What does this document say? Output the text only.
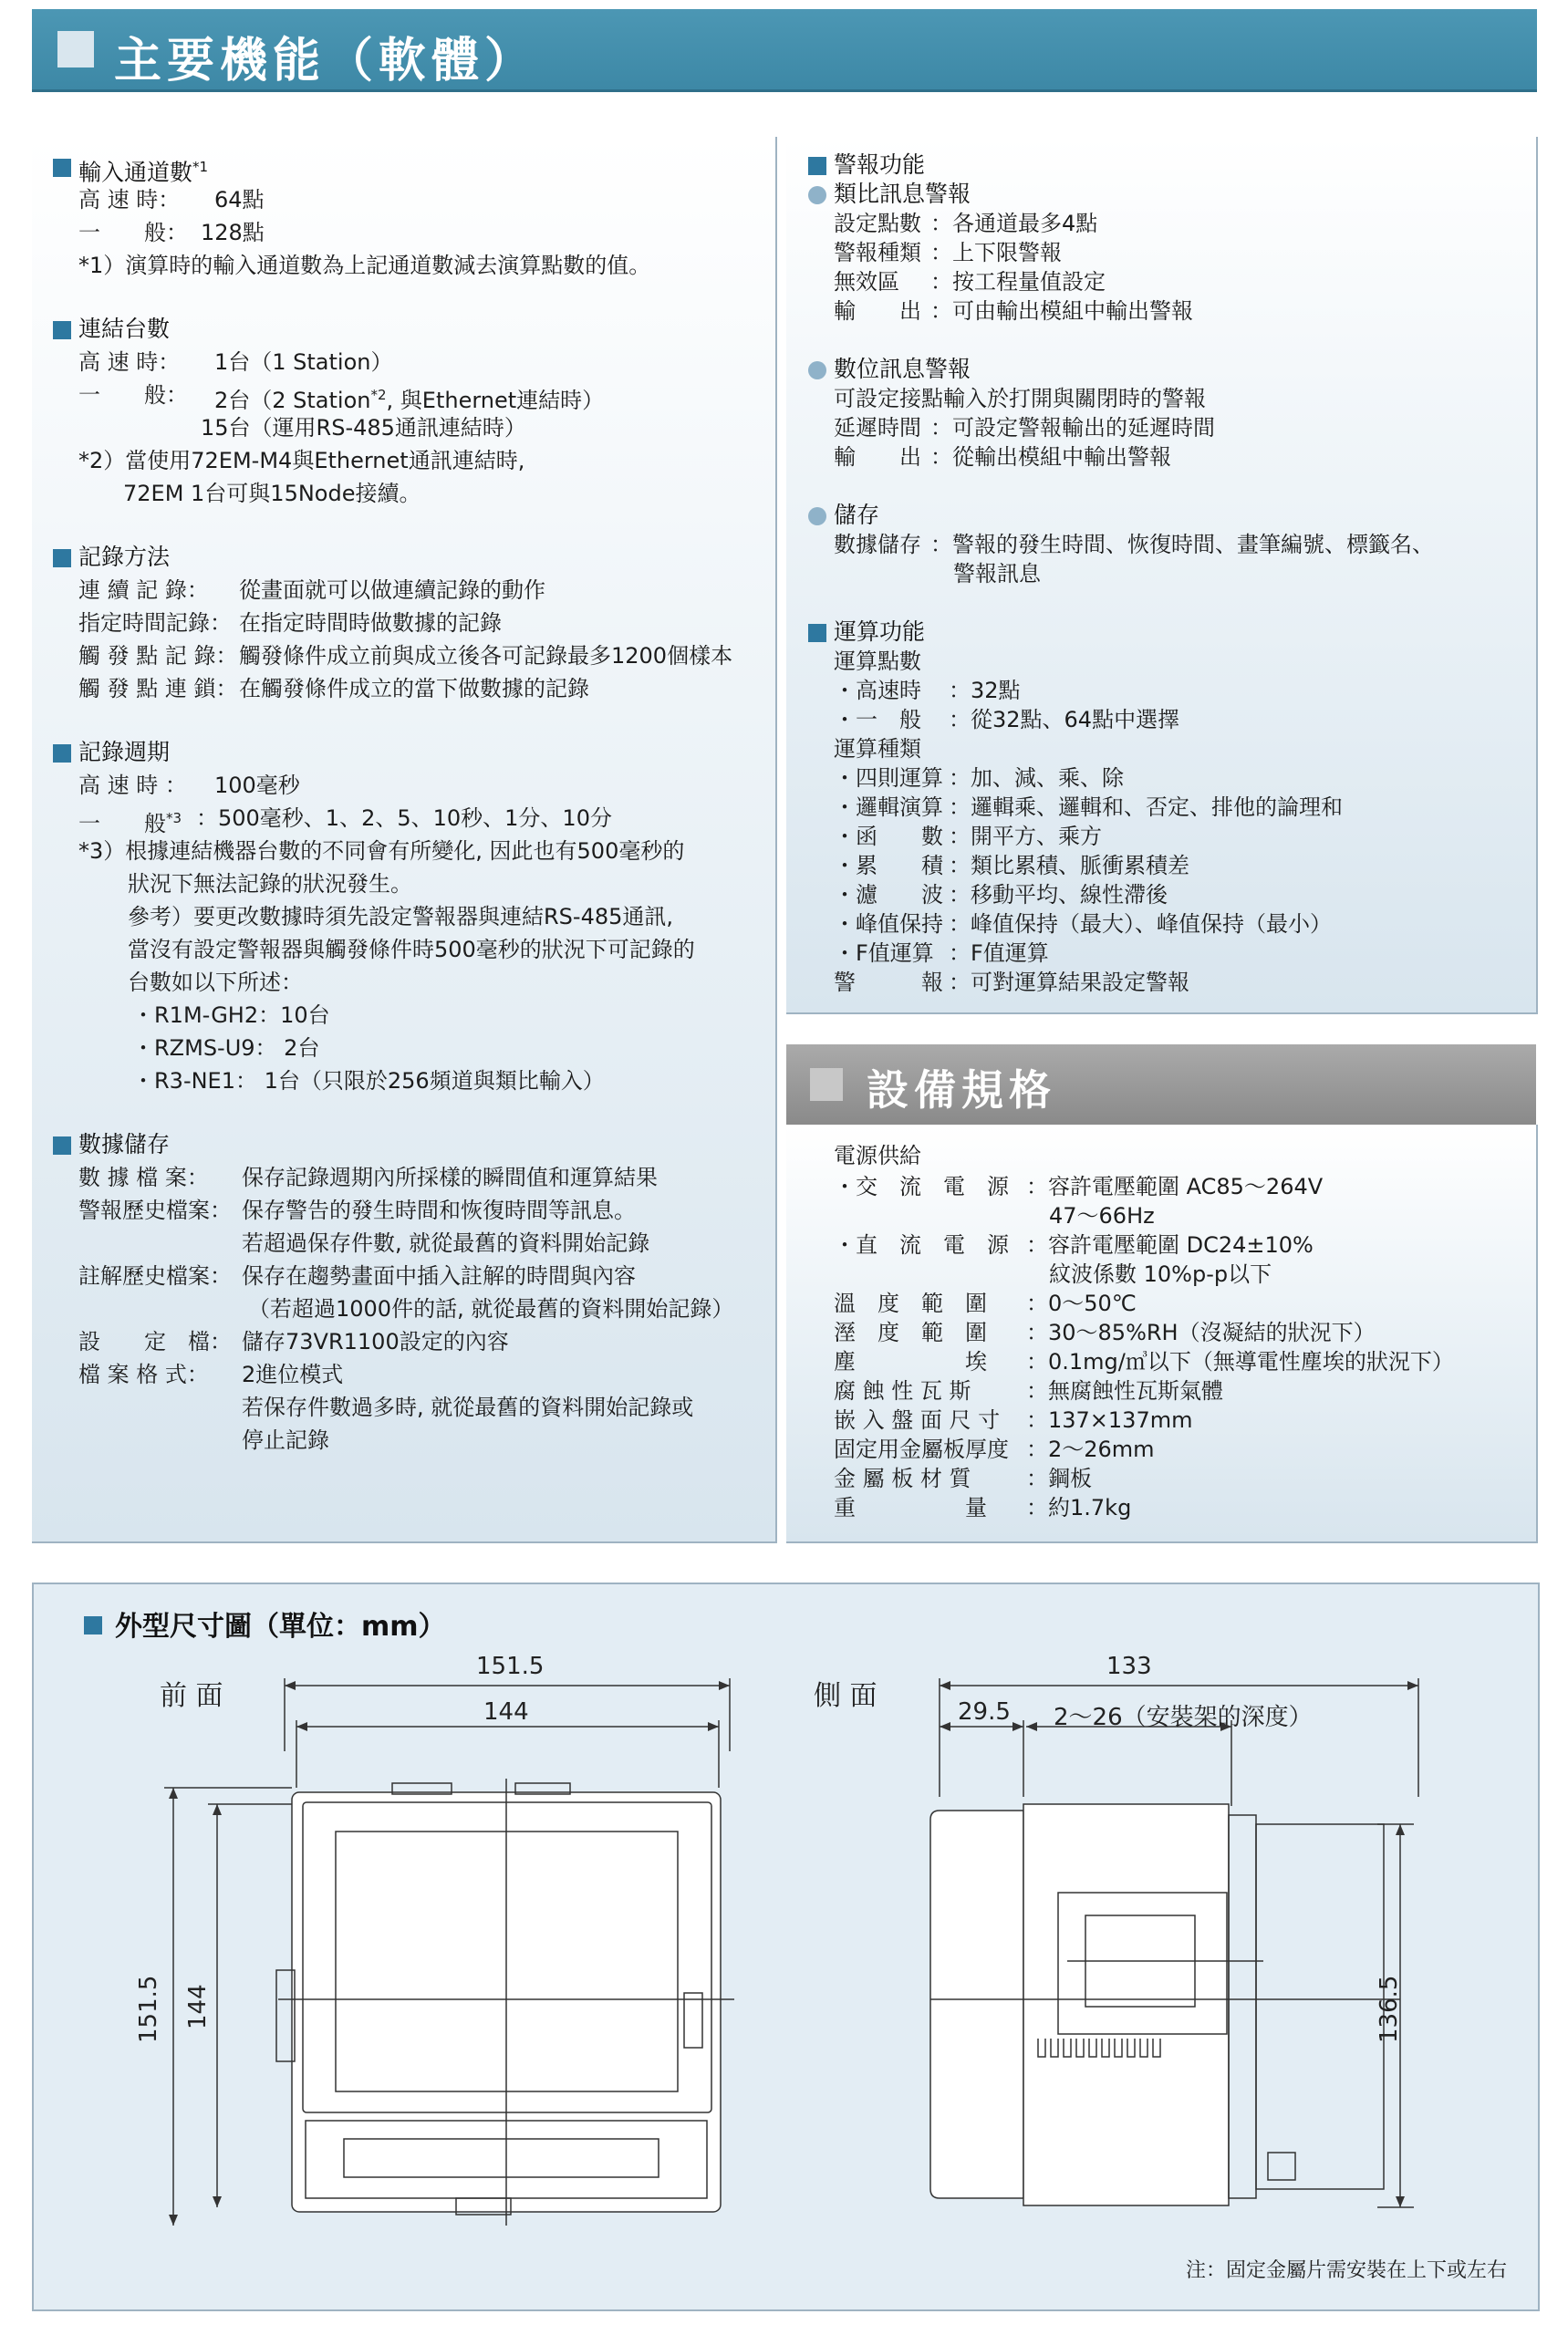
主要機能（軟體）
輸入通道數$^{*1}$
高 速 時： 64點
一　　般： 128點
*1）演算時的輸入通道數為上記通道數減去演算點數的值。
連結台數
高 速 時： 1台（1 Station）
一　　般： 2台（2 Station$^{*2}$, 與Ethernet連結時）
15台（運用RS-485通訊連結時）
*2）當使用72EM-M4與Ethernet通訊連結時,
72EM 1台可與15Node接續。
記錄方法
連 續 記 錄： 從畫面就可以做連續記錄的動作
指定時間記錄： 在指定時間時做數據的記錄
觸 發 點 記 錄： 觸發條件成立前與成立後各可記錄最多1200個樣本
觸 發 點 連 鎖： 在觸發條件成立的當下做數據的記錄
記錄週期
高 速 時 ： 100毫秒
一　　般$^{*3}$ ：500毫秒、1、2、5、10秒、1分、10分
*3）根據連結機器台數的不同會有所變化, 因此也有500毫秒的
狀況下無法記錄的狀況發生。
參考）要更改數據時須先設定警報器與連結RS-485通訊,
當沒有設定警報器與觸發條件時500毫秒的狀況下可記錄的
台數如以下所述：
・R1M-GH2：10台
・RZMS-U9： 2台
・R3-NE1： 1台（只限於256頻道與類比輸入）
數據儲存
數 據 檔 案： 保存記錄週期內所採樣的瞬間值和運算結果
警報歷史檔案： 保存警告的發生時間和恢復時間等訊息。
若超過保存件數, 就從最舊的資料開始記錄
註解歷史檔案： 保存在趨勢畫面中插入註解的時間與內容
（若超過1000件的話, 就從最舊的資料開始記錄）
設　　定　檔： 儲存73VR1100設定的內容
檔 案 格 式： 2進位模式
若保存件數過多時, 就從最舊的資料開始記錄或
停止記錄
警報功能
類比訊息警報
設定點數 ：各通道最多4點
警報種類 ：上下限警報
無效區 ：按工程量值設定
輸　　出 ：可由輸出模組中輸出警報
數位訊息警報
可設定接點輸入於打開與關閉時的警報
延遲時間 ：可設定警報輸出的延遲時間
輸　　出 ：從輸出模組中輸出警報
儲存
數據儲存 ：警報的發生時間、恢復時間、畫筆編號、標籤名、
警報訊息
運算功能
運算點數
・高速時 ：32點
・一　般 ：從32點、64點中選擇
運算種類
・四則運算 ：加、減、乘、除
・邏輯演算 ：邏輯乘、邏輯和、否定、排他的論理和
・函　　數 ：開平方、乘方
・累　　積 ：類比累積、脈衝累積差
・濾　　波 ：移動平均、線性滯後
・峰值保持 ：峰值保持（最大）、峰值保持（最小）
・F值運算 ：F值運算
警　　　報 ：可對運算結果設定警報
設備規格
電源供給
・交　流　電　源 ：容許電壓範圍 AC85～264V
47～66Hz
・直　流　電　源 ：容許電壓範圍 DC24±10%
紋波係數 10%p-p以下
溫　度　範　圍 ：0～50℃
溼　度　範　圍 ：30～85%RH（沒凝結的狀況下）
塵　　　　　埃 ：0.1mg/㎥以下（無導電性塵埃的狀況下）
腐 蝕 性 瓦 斯	：無腐蝕性瓦斯氣體
嵌 入 盤 面 尺 寸 ：137×137mm
固定用金屬板厚度 ：2～26mm
金 屬 板 材 質	：鋼板
重　　　　　量 ：約1.7kg
外型尺寸圖（單位：mm）
前 面	側 面
151.5
144
151.5 144
133
29.5 2～26（安裝架的深度）
136.5
注：固定金屬片需安裝在上下或左右
